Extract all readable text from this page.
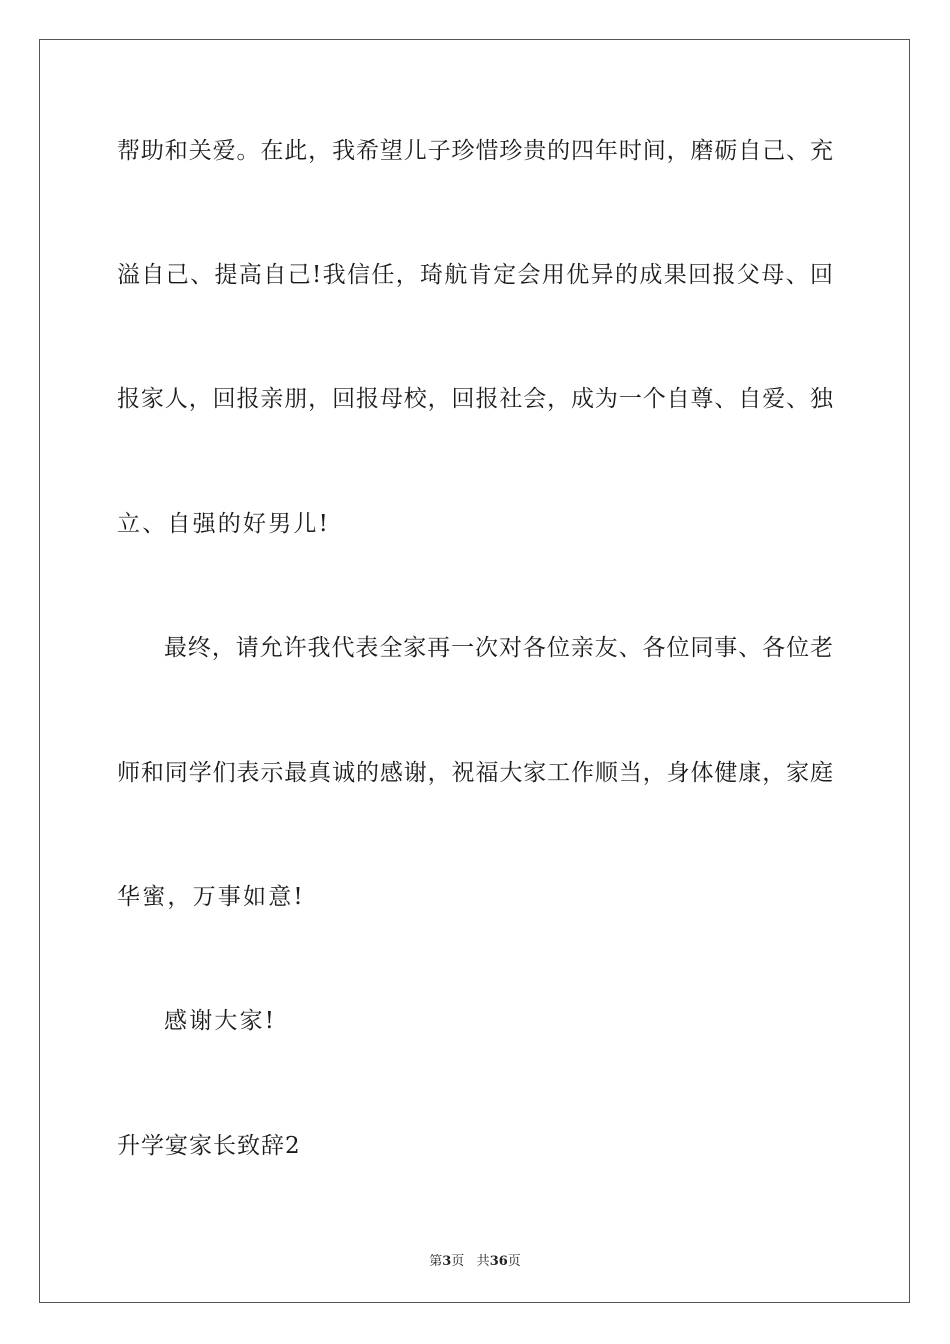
帮助和关爱。在此，我希望儿子珍惜珍贵的四年时间，磨砺自己、充
溢自己、提高自己!我信任，琦航肯定会用优异的成果回报父母、回
报家人，回报亲朋，回报母校，回报社会，成为一个自尊、自爱、独
立、自强的好男儿!
最终，请允许我代表全家再一次对各位亲友、各位同事、各位老
师和同学们表示最真诚的感谢，祝福大家工作顺当，身体健康，家庭
华蜜，万事如意!
感谢大家!
升学宴家长致辞2
第3页 共36页
